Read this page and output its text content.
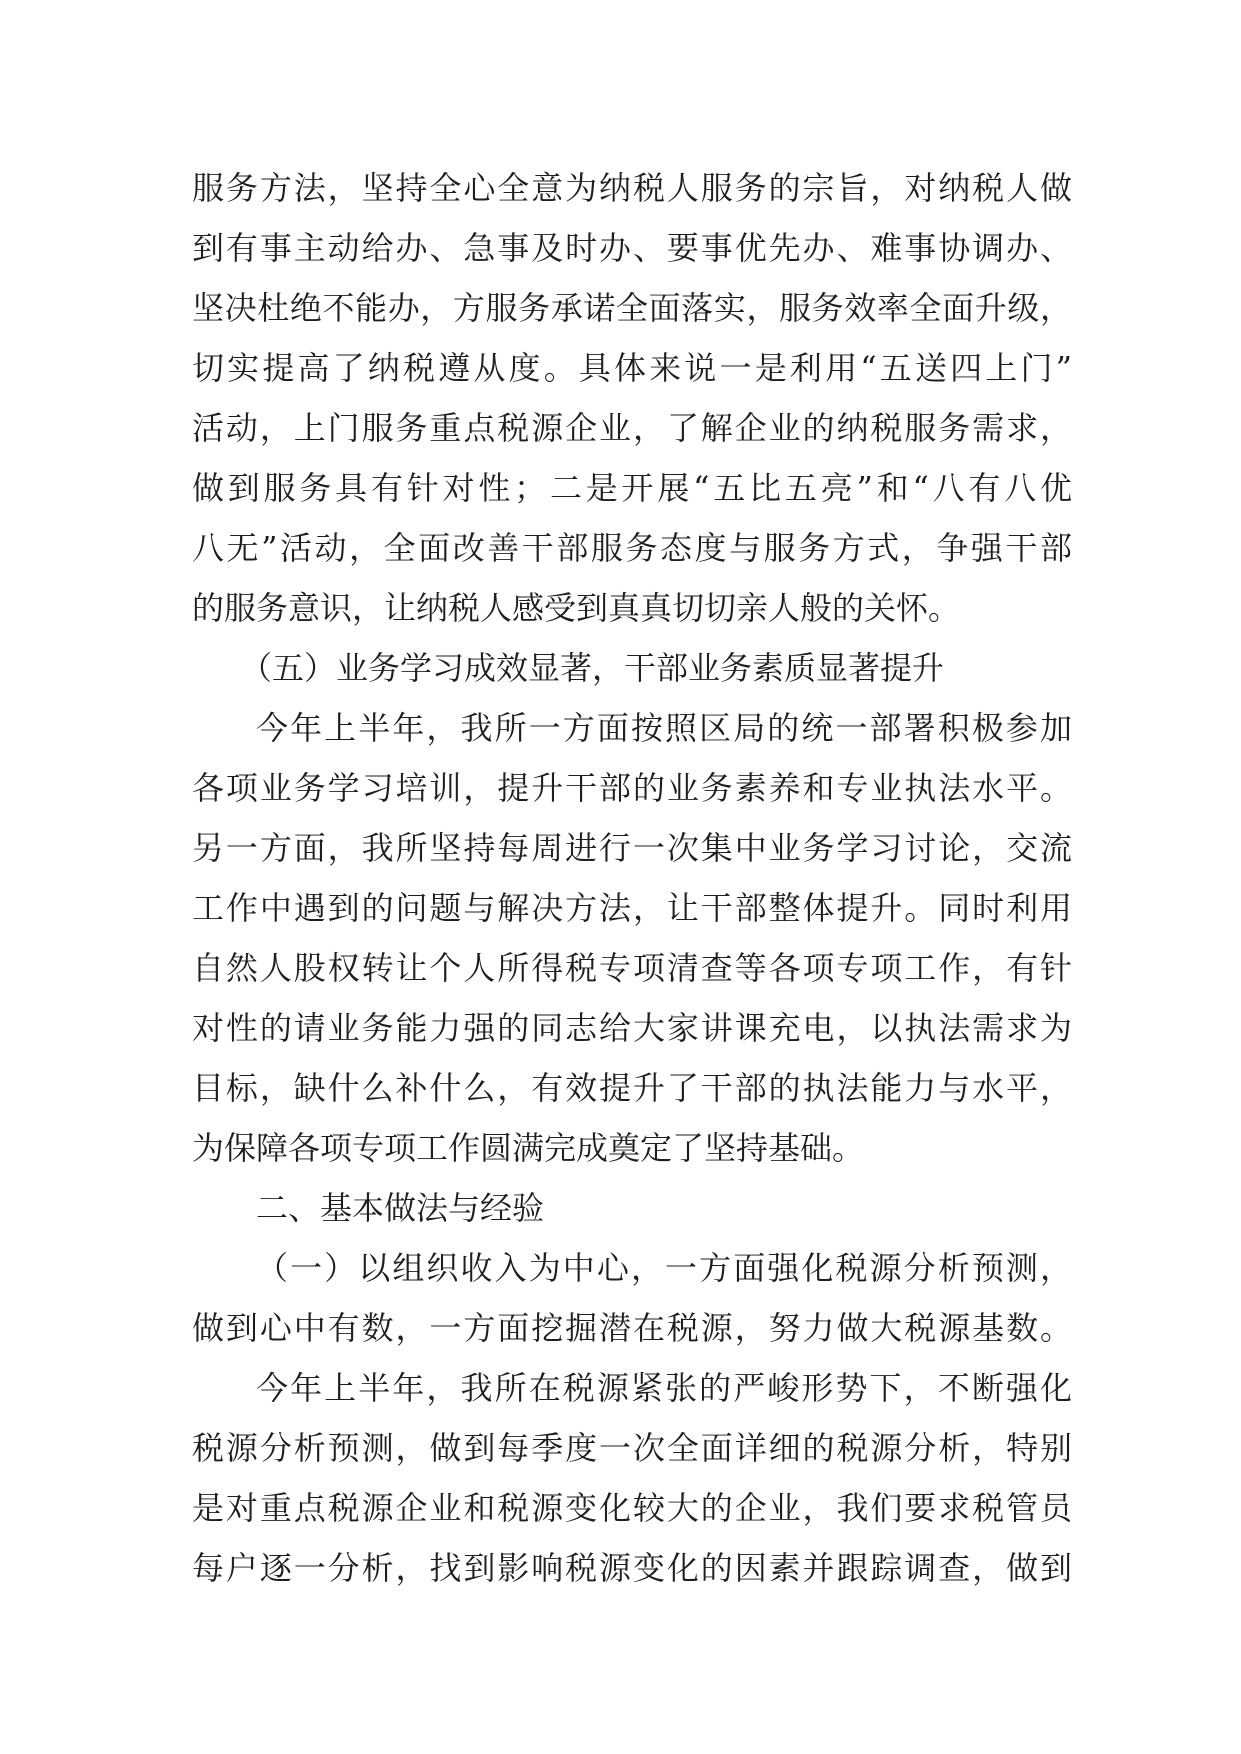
服务方法，坚持全心全意为纳税人服务的宗旨，对纳税人做
到有事主动给办、急事及时办、要事优先办、难事协调办、
坚决杜绝不能办，方服务承诺全面落实，服务效率全面升级，
切实提高了纳税遵从度。具体来说一是利用“五送四上门”
活动，上门服务重点税源企业，了解企业的纳税服务需求，
做到服务具有针对性；二是开展“五比五亮”和“八有八优
八无”活动，全面改善干部服务态度与服务方式，争强干部
的服务意识，让纳税人感受到真真切切亲人般的关怀。
（五）业务学习成效显著，干部业务素质显著提升
今年上半年，我所一方面按照区局的统一部署积极参加
各项业务学习培训，提升干部的业务素养和专业执法水平。
另一方面，我所坚持每周进行一次集中业务学习讨论，交流
工作中遇到的问题与解决方法，让干部整体提升。同时利用
自然人股权转让个人所得税专项清查等各项专项工作，有针
对性的请业务能力强的同志给大家讲课充电，以执法需求为
目标，缺什么补什么，有效提升了干部的执法能力与水平，
为保障各项专项工作圆满完成奠定了坚持基础。
二、基本做法与经验
（一）以组织收入为中心，一方面强化税源分析预测，
做到心中有数，一方面挖掘潜在税源，努力做大税源基数。
今年上半年，我所在税源紧张的严峻形势下，不断强化
税源分析预测，做到每季度一次全面详细的税源分析，特别
是对重点税源企业和税源变化较大的企业，我们要求税管员
每户逐一分析，找到影响税源变化的因素并跟踪调查，做到
